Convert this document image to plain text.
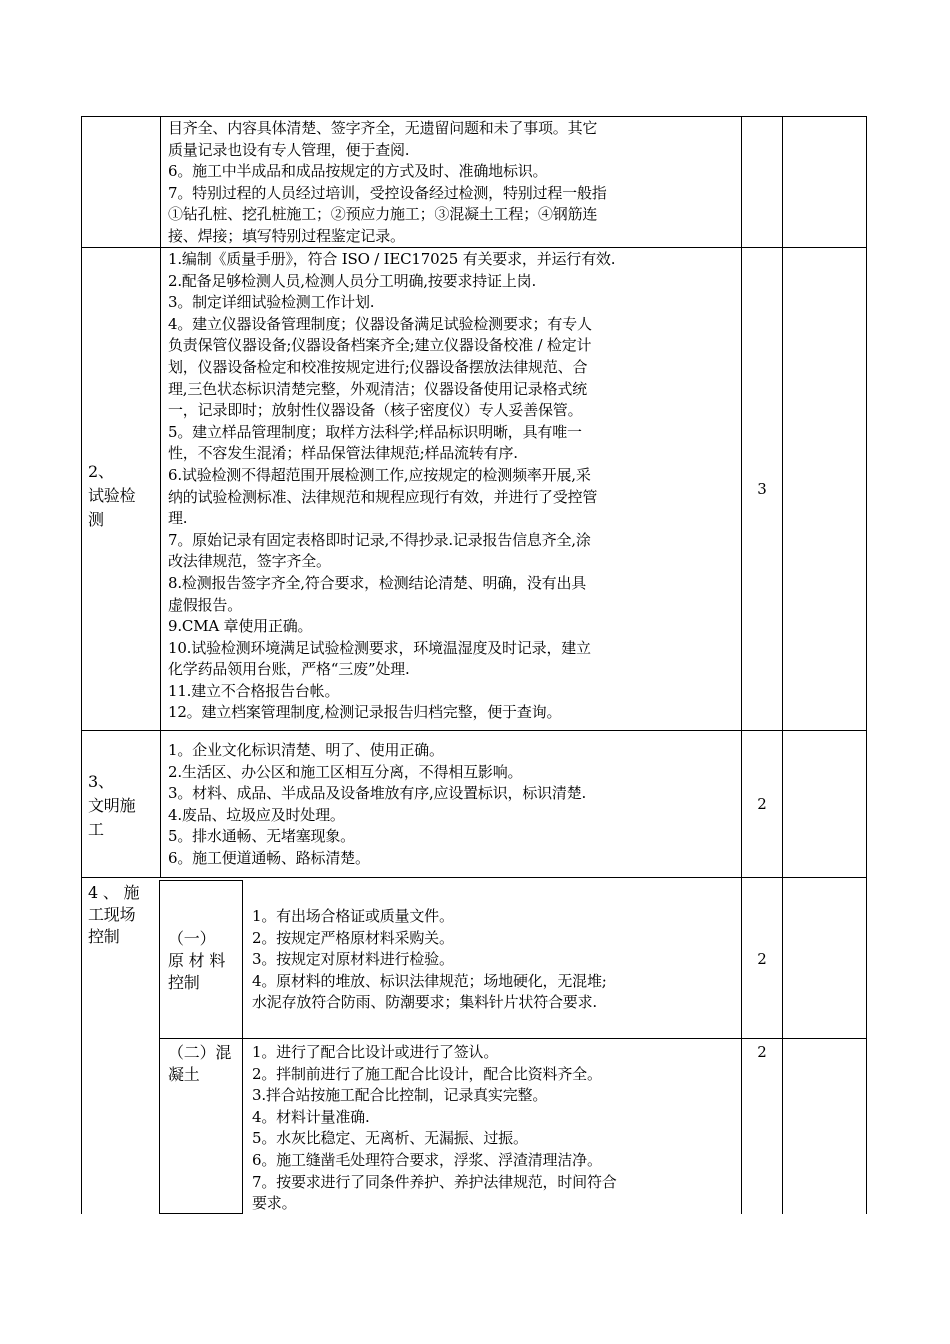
目齐全、内容具体清楚、签字齐全，无遗留问题和未了事项。其它
质量记录也设有专人管理，便于查阅.
6。施工中半成品和成品按规定的方式及时、准确地标识。
7。特别过程的人员经过培训，受控设备经过检测，特别过程一般指
①钻孔桩、挖孔桩施工；②预应力施工；③混凝土工程；④钢筋连
接、焊接；填写特别过程鉴定记录。
2、
试验检
测
1.编制《质量手册》，符合 ISO / IEC17025 有关要求，并运行有效.
2.配备足够检测人员,检测人员分工明确,按要求持证上岗.
3。制定详细试验检测工作计划.
4。建立仪器设备管理制度；仪器设备满足试验检测要求；有专人
负责保管仪器设备;仪器设备档案齐全;建立仪器设备校准 / 检定计
划，仪器设备检定和校准按规定进行;仪器设备摆放法律规范、合
理,三色状态标识清楚完整，外观清洁；仪器设备使用记录格式统
一，记录即时；放射性仪器设备（核子密度仪）专人妥善保管。
5。建立样品管理制度；取样方法科学;样品标识明晰，具有唯一
性，不容发生混淆；样品保管法律规范;样品流转有序.
6.试验检测不得超范围开展检测工作,应按规定的检测频率开展,采
纳的试验检测标准、法律规范和规程应现行有效，并进行了受控管
理.
7。原始记录有固定表格即时记录,不得抄录.记录报告信息齐全,涂
改法律规范，签字齐全。
8.检测报告签字齐全,符合要求，检测结论清楚、明确，没有出具
虚假报告。
9.CMA 章使用正确。
10.试验检测环境满足试验检测要求，环境温湿度及时记录，建立
化学药品领用台账，严格“三废”处理.
11.建立不合格报告台帐。
12。建立档案管理制度,检测记录报告归档完整，便于查询。
3
3、
文明施
工
1。企业文化标识清楚、明了、使用正确。
2.生活区、办公区和施工区相互分离，不得相互影响。
3。材料、成品、半成品及设备堆放有序,应设置标识，标识清楚.
4.废品、垃圾应及时处理。
5。排水通畅、无堵塞现象。
6。施工便道通畅、路标清楚。
2
4 、 施
工现场
控制	（一）
原 材 料
控制
1。有出场合格证或质量文件。
2。按规定严格原材料采购关。
3。按规定对原材料进行检验。
4。原材料的堆放、标识法律规范；场地硬化，无混堆;
水泥存放符合防雨、防潮要求；集料针片状符合要求.
2
（二）混
凝土
1。进行了配合比设计或进行了签认。
2。拌制前进行了施工配合比设计，配合比资料齐全。
3.拌合站按施工配合比控制，记录真实完整。
4。材料计量准确.
5。水灰比稳定、无离析、无漏振、过振。
6。施工缝凿毛处理符合要求，浮浆、浮渣清理洁净。
7。按要求进行了同条件养护、养护法律规范，时间符合
要求。
2
